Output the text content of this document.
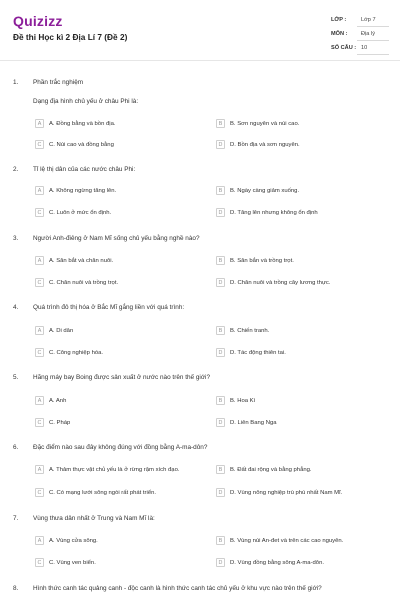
Quizizz
Đề thi Học kì 2 Địa Lí 7 (Đề 2)
LỚP :	Lớp 7
MÔN :	Địa lý
SỐ CÂU : 10
1. Phần trắc nghiệm
Dạng địa hình chủ yếu ở châu Phi là:
A	A. Đồng bằng và bồn địa.	B	B. Sơn nguyên và núi cao.
C	C. Núi cao và đồng bằng	D	D. Bồn địa và sơn nguyên.
2. Tỉ lệ thị dân của các nước châu Phi:
A	A. Không ngừng tăng lên.	B	B. Ngày càng giảm xuống.
C	C. Luôn ở mức ổn định.	D	D. Tăng lên nhưng không ổn định
3. Người Anh-điêng ở Nam Mĩ sống chủ yếu bằng nghề nào?
A	A. Săn bắt và chăn nuôi.	B	B. Săn bắn và trồng trọt.
C	C. Chăn nuôi và trồng trọt.	D	D. Chăn nuôi và trồng cây lương thực.
4. Quá trình đô thị hóa ở Bắc Mĩ gắng liền với quá trình:
A	A. Di dân	B	B. Chiến tranh.
C	C. Công nghiệp hóa.	D	D. Tác động thiên tai.
5. Hãng máy bay Boing được sản xuất ở nước nào trên thế giới?
A	A. Anh	B	B. Hoa Kì
C	C. Pháp	D	D. Liên Bang Nga
6. Đặc điểm nào sau đây không đúng với đồng bằng A-ma-dôn?
A	A. Thảm thực vật chủ yếu là ở rừng rậm xích đạo.	B	B. Đất đai rộng và bằng phẳng.
C	C. Có mạng lưới sông ngòi rất phát triển.	D	D. Vùng nông nghiệp trù phú nhất Nam Mĩ.
7. Vùng thưa dân nhất ở Trung và Nam Mĩ là:
A	A. Vùng cửa sông.	B	B. Vùng núi An-đet và trên các cao nguyên.
C	C. Vùng ven biển.	D	D. Vùng đồng bằng sông A-ma-dôn.
8. Hình thức canh tác quảng canh - độc canh là hình thức canh tác chủ yếu ở khu vực nào trên thế giới?
